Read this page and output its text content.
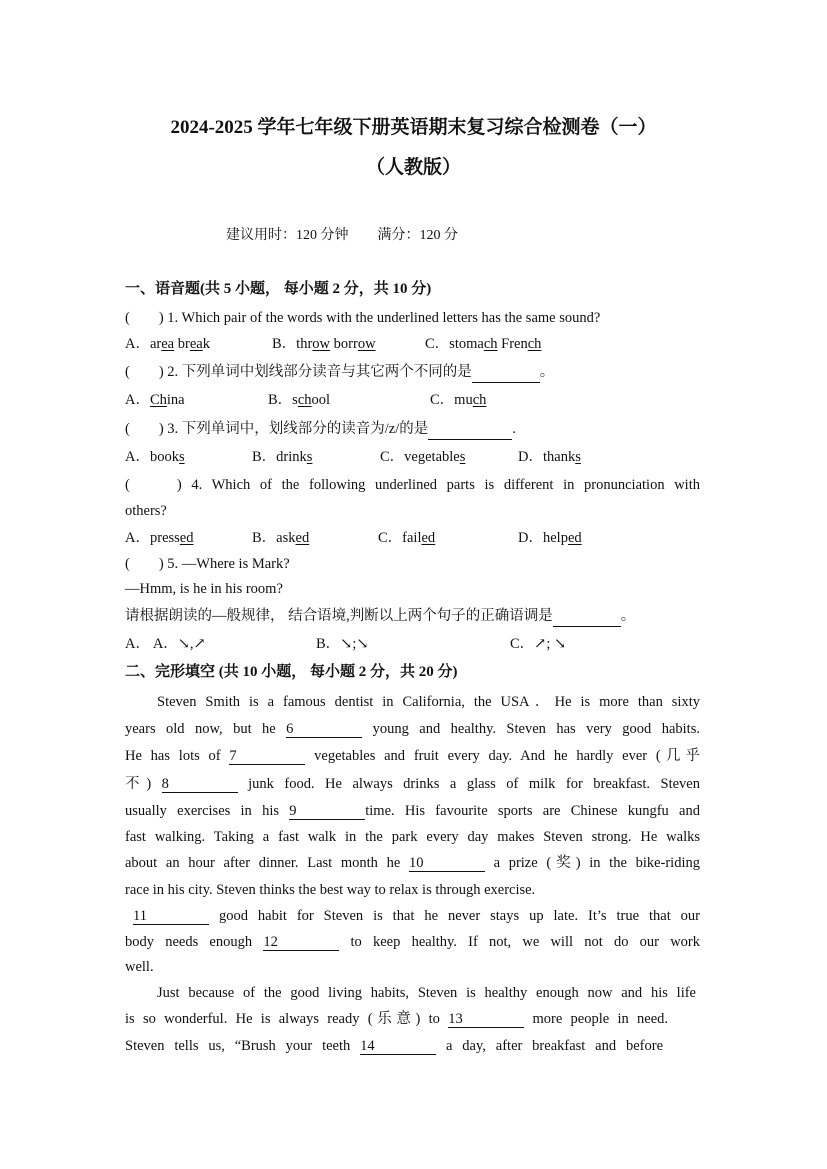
2024-2025 学年七年级下册英语期末复习综合检测卷（一）
（人教版）
建议用时：120 分钟 满分：120 分
一、语音题(共 5 小题， 每小题 2 分，共 10 分)
(　　) 1. Which pair of the words with the underlined letters has the same sound?
A．area break	B．throw borrow	C．stomach French
(　　) 2. 下列单词中划线部分读音与其它两个不同的是	。
A．China	B．school	C．much
(　　) 3. 下列单词中，划线部分的读音为/z/的是	.
A．books	B．drinks	C．vegetables	D．thanks
(　　) 4. Which of the following underlined parts is different in pronunciation with
others?
A．pressed	B．asked	C．failed	D．helped
(　　) 5. —Where is Mark?
—Hmm, is he in his room?
请根据朗读的—般规律， 结合语境,判断以上两个句子的正确语调是	。
A． A．↘,↗	B．↘;↘	C．↗; ↘
二、完形填空 (共 10 小题， 每小题 2 分，共 20 分)
Steven Smith is a famous dentist in California, the USA．He is more than sixty
years old now, but he 6	young and healthy. Steven has very good habits.
He has lots of 7	vegetables and fruit every day. And he hardly ever (几乎
不) 8	junk food. He always drinks a glass of milk for breakfast. Steven
usually exercises in his 9	time. His favourite sports are Chinese kungfu and
fast walking. Taking a fast walk in the park every day makes Steven strong. He walks
about an hour after dinner. Last month he 10	a prize (奖) in the bike-riding
race in his city. Steven thinks the best way to relax is through exercise.
11	good habit for Steven is that he never stays up late. It’s true that our
body needs enough 12	to keep healthy. If not, we will not do our work
well.
Just because of the good living habits, Steven is healthy enough now and his life
is so wonderful. He is always ready (乐意) to 13	more people in need.
Steven tells us, “Brush your teeth 14	a day, after breakfast and before
